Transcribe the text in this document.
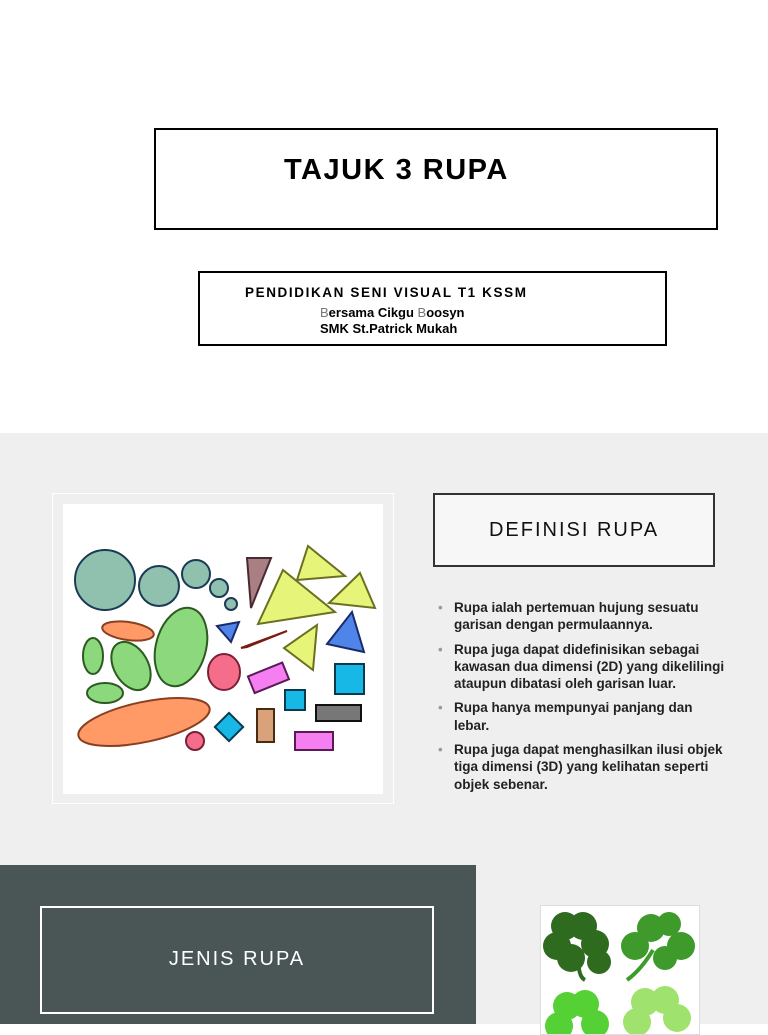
TAJUK 3 RUPA
PENDIDIKAN SENI VISUAL T1 KSSM
Bersama Cikgu Boosyn
SMK St.Patrick Mukah
DEFINISI RUPA
• Rupa ialah pertemuan hujung sesuatu garisan dengan permulaannya.
• Rupa juga dapat didefinisikan sebagai kawasan dua dimensi (2D) yang dikelilingi ataupun dibatasi oleh garisan luar.
• Rupa hanya mempunyai panjang dan lebar.
• Rupa juga dapat menghasilkan ilusi objek tiga dimensi (3D) yang kelihatan seperti objek sebenar.
JENIS RUPA
